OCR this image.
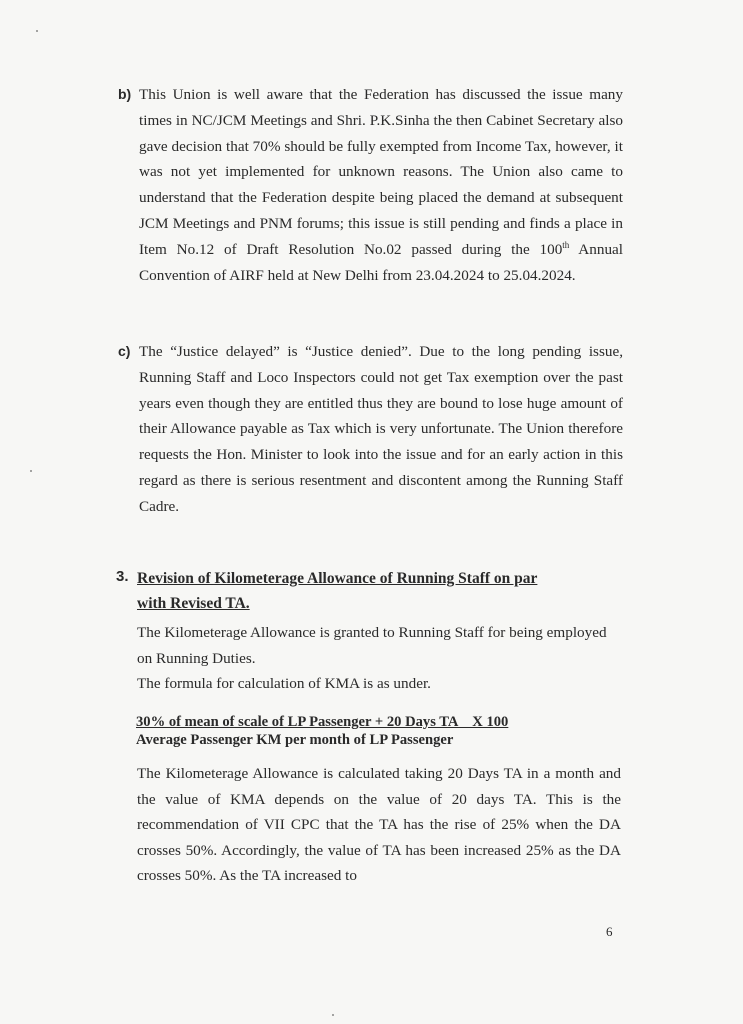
b) This Union is well aware that the Federation has discussed the issue many times in NC/JCM Meetings and Shri. P.K.Sinha the then Cabinet Secretary also gave decision that 70% should be fully exempted from Income Tax, however, it was not yet implemented for unknown reasons. The Union also came to understand that the Federation despite being placed the demand at subsequent JCM Meetings and PNM forums; this issue is still pending and finds a place in Item No.12 of Draft Resolution No.02 passed during the 100th Annual Convention of AIRF held at New Delhi from 23.04.2024 to 25.04.2024.
c) The “Justice delayed” is “Justice denied”. Due to the long pending issue, Running Staff and Loco Inspectors could not get Tax exemption over the past years even though they are entitled thus they are bound to lose huge amount of their Allowance payable as Tax which is very unfortunate. The Union therefore requests the Hon. Minister to look into the issue and for an early action in this regard as there is serious resentment and discontent among the Running Staff Cadre.
3. Revision of Kilometerage Allowance of Running Staff on par
with Revised TA.
The Kilometerage Allowance is granted to Running Staff for being employed on Running Duties.
The formula for calculation of KMA is as under.
30% of mean of scale of LP Passenger + 20 Days TA    X 100
Average Passenger KM per month of LP Passenger
The Kilometerage Allowance is calculated taking 20 Days TA in a month and the value of KMA depends on the value of 20 days TA. This is the recommendation of VII CPC that the TA has the rise of 25% when the DA crosses 50%. Accordingly, the value of TA has been increased 25% as the DA crosses 50%. As the TA increased to
6
